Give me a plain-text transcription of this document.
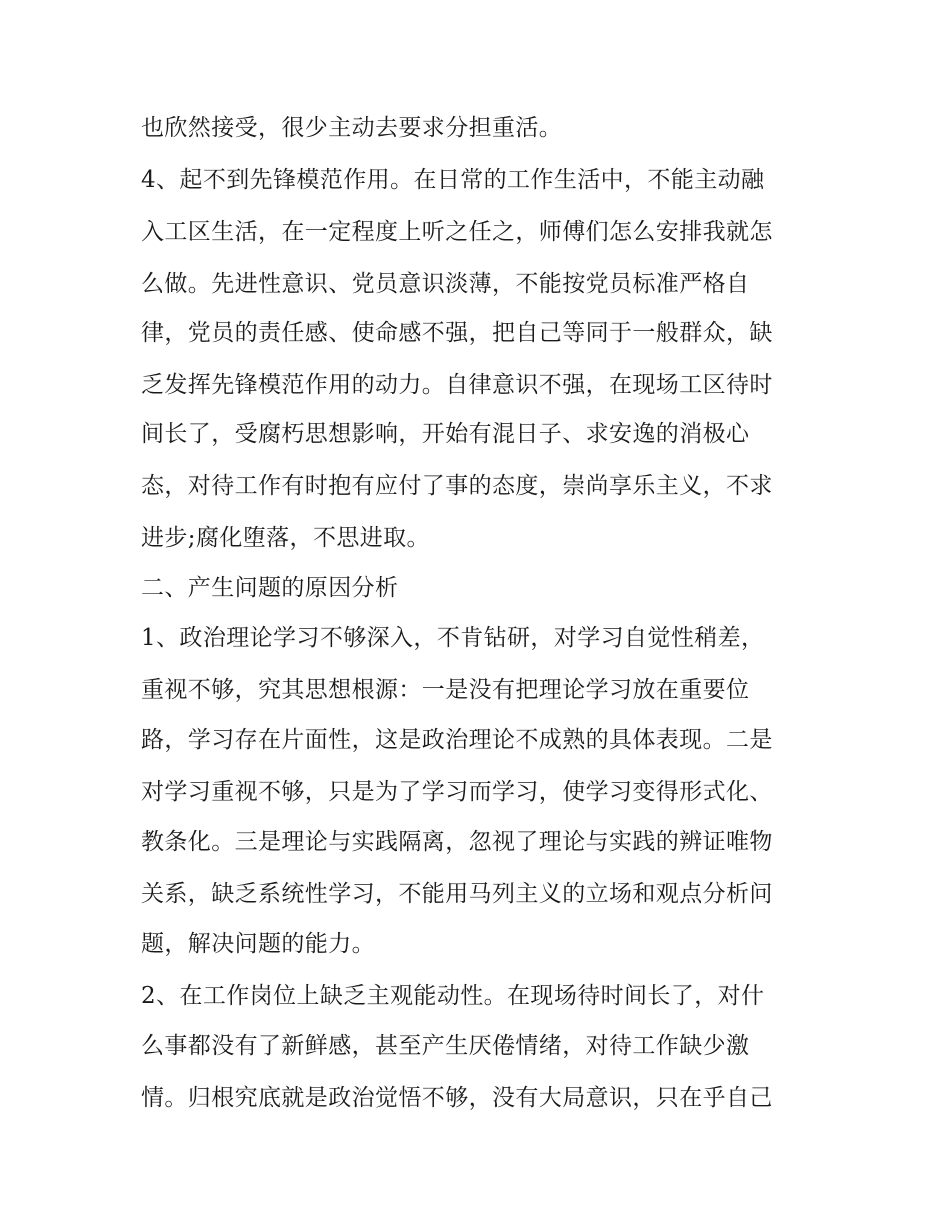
也欣然接受，很少主动去要求分担重活。
4、起不到先锋模范作用。在日常的工作生活中，不能主动融
入工区生活，在一定程度上听之任之，师傅们怎么安排我就怎
么做。先进性意识、党员意识淡薄，不能按党员标准严格自
律，党员的责任感、使命感不强，把自己等同于一般群众，缺
乏发挥先锋模范作用的动力。自律意识不强，在现场工区待时
间长了，受腐朽思想影响，开始有混日子、求安逸的消极心
态，对待工作有时抱有应付了事的态度，崇尚享乐主义，不求
进步;腐化堕落，不思进取。
二、产生问题的原因分析
1、政治理论学习不够深入，不肯钻研，对学习自觉性稍差，
重视不够，究其思想根源：一是没有把理论学习放在重要位
路，学习存在片面性，这是政治理论不成熟的具体表现。二是
对学习重视不够，只是为了学习而学习，使学习变得形式化、
教条化。三是理论与实践隔离，忽视了理论与实践的辨证唯物
关系，缺乏系统性学习，不能用马列主义的立场和观点分析问
题，解决问题的能力。
2、在工作岗位上缺乏主观能动性。在现场待时间长了，对什
么事都没有了新鲜感，甚至产生厌倦情绪，对待工作缺少激
情。归根究底就是政治觉悟不够，没有大局意识，只在乎自己
